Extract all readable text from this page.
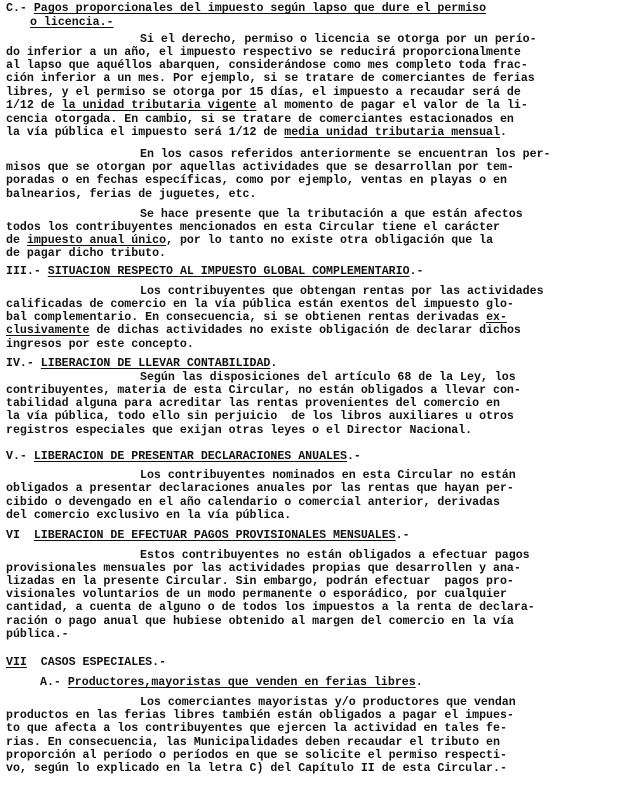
C.- Pagos proporcionales del impuesto según lapso que dure el permiso
o licencia.-
Si el derecho, permiso o licencia se otorga por un perío-
do inferior a un año, el impuesto respectivo se reducirá proporcionalmente
al lapso que aquéllos abarquen, considerándose como mes completo toda frac-
ción inferior a un mes. Por ejemplo, si se tratare de comerciantes de ferias
libres, y el permiso se otorga por 15 días, el impuesto a recaudar será de
1/12 de la unidad tributaria vigente al momento de pagar el valor de la li-
cencia otorgada. En cambio, si se tratare de comerciantes estacionados en
la vía pública el impuesto será 1/12 de media unidad tributaria mensual.
En los casos referidos anteriormente se encuentran los per-
misos que se otorgan por aquellas actividades que se desarrollan por tem-
poradas o en fechas específicas, como por ejemplo, ventas en playas o en
balnearios, ferias de juguetes, etc.
Se hace presente que la tributación a que están afectos
todos los contribuyentes mencionados en esta Circular tiene el carácter
de impuesto anual único, por lo tanto no existe otra obligación que la
de pagar dicho tributo.
III.- SITUACION RESPECTO AL IMPUESTO GLOBAL COMPLEMENTARIO.-
Los contribuyentes que obtengan rentas por las actividades
calificadas de comercio en la vía pública están exentos del impuesto glo-
bal complementario. En consecuencia, si se obtienen rentas derivadas ex-
clusivamente de dichas actividades no existe obligación de declarar dichos
ingresos por este concepto.
IV.- LIBERACION DE LLEVAR CONTABILIDAD.
Según las disposiciones del artículo 68 de la Ley, los
contribuyentes, materia de esta Circular, no están obligados a llevar con-
tabilidad alguna para acreditar las rentas provenientes del comercio en
la vía pública, todo ello sin perjuicio  de los libros auxiliares u otros
registros especiales que exijan otras leyes o el Director Nacional.
V.- LIBERACION DE PRESENTAR DECLARACIONES ANUALES.-
Los contribuyentes nominados en esta Circular no están
obligados a presentar declaraciones anuales por las rentas que hayan per-
cibido o devengado en el año calendario o comercial anterior, derivadas
del comercio exclusivo en la vía pública.
VI  LIBERACION DE EFECTUAR PAGOS PROVISIONALES MENSUALES.-
Estos contribuyentes no están obligados a efectuar pagos
provisionales mensuales por las actividades propias que desarrollen y ana-
lizadas en la presente Circular. Sin embargo, podrán efectuar  pagos pro-
visionales voluntarios de un modo permanente o esporádico, por cualquier
cantidad, a cuenta de alguno o de todos los impuestos a la renta de declara-
ración o pago anual que hubiese obtenido al margen del comercio en la vía
pública.-
VII  CASOS ESPECIALES.-
A.- Productores,mayoristas que venden en ferias libres.
Los comerciantes mayoristas y/o productores que vendan
productos en las ferias libres también están obligados a pagar el impues-
to que afecta a los contribuyentes que ejercen la actividad en tales fe-
rias. En consecuencia, las Municipalidades deben recaudar el tributo en
proporción al período o períodos en que se solicite el permiso respecti-
vo, según lo explicado en la letra C) del Capítulo II de esta Circular.-
